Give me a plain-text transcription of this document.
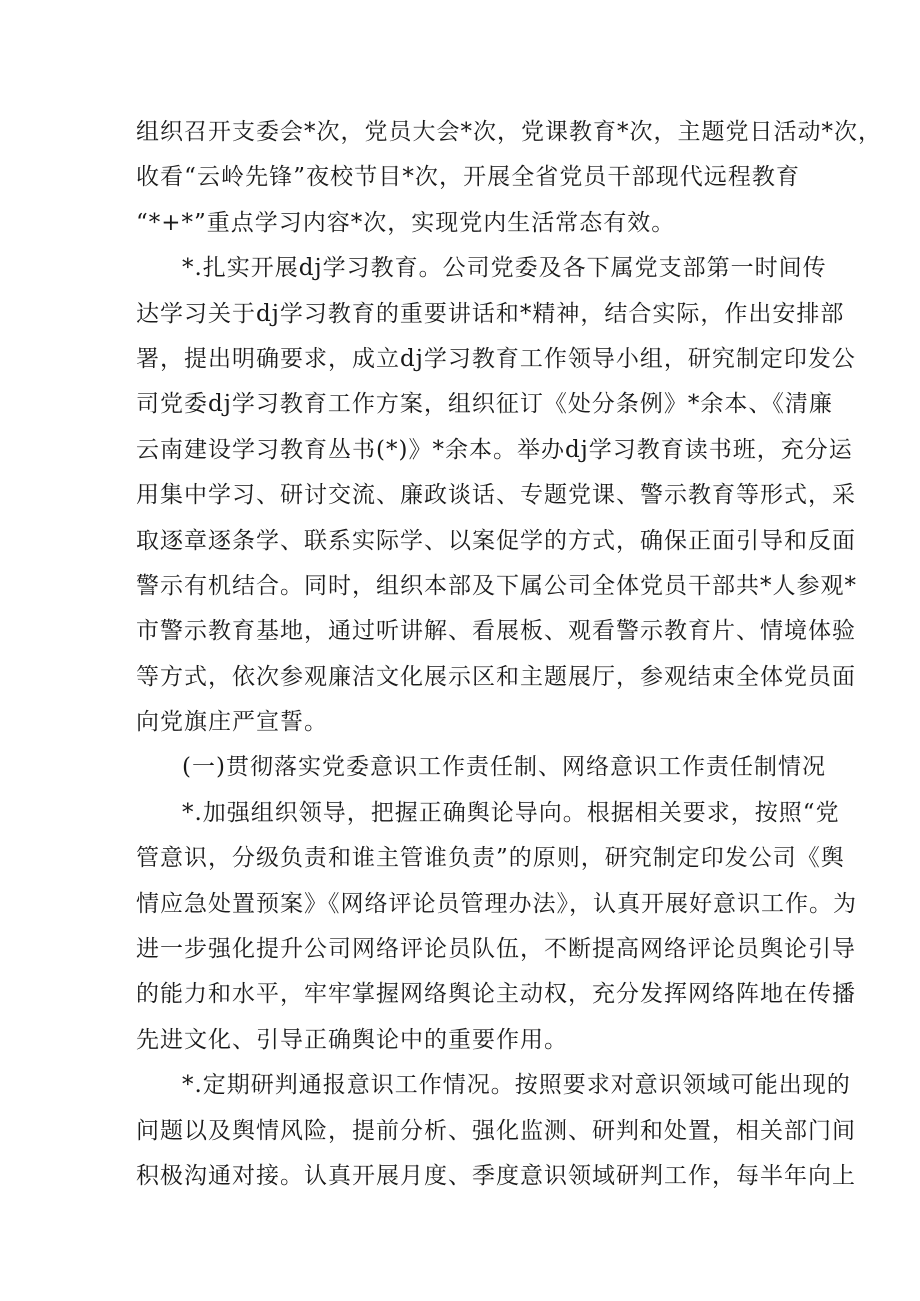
组织召开支委会*次，党员大会*次，党课教育*次，主题党日活动*次，
收看“云岭先锋”夜校节目*次，开展全省党员干部现代远程教育
“*+*”重点学习内容*次，实现党内生活常态有效。
*.扎实开展dj学习教育。公司党委及各下属党支部第一时间传
达学习关于dj学习教育的重要讲话和*精神，结合实际，作出安排部
署，提出明确要求，成立dj学习教育工作领导小组，研究制定印发公
司党委dj学习教育工作方案，组织征订《处分条例》*余本、《清廉
云南建设学习教育丛书(*)》*余本。举办dj学习教育读书班，充分运
用集中学习、研讨交流、廉政谈话、专题党课、警示教育等形式，采
取逐章逐条学、联系实际学、以案促学的方式，确保正面引导和反面
警示有机结合。同时，组织本部及下属公司全体党员干部共*人参观*
市警示教育基地，通过听讲解、看展板、观看警示教育片、情境体验
等方式，依次参观廉洁文化展示区和主题展厅，参观结束全体党员面
向党旗庄严宣誓。
(一)贯彻落实党委意识工作责任制、网络意识工作责任制情况
*.加强组织领导，把握正确舆论导向。根据相关要求，按照“党
管意识，分级负责和谁主管谁负责”的原则，研究制定印发公司《舆
情应急处置预案》《网络评论员管理办法》，认真开展好意识工作。为
进一步强化提升公司网络评论员队伍，不断提高网络评论员舆论引导
的能力和水平，牢牢掌握网络舆论主动权，充分发挥网络阵地在传播
先进文化、引导正确舆论中的重要作用。
*.定期研判通报意识工作情况。按照要求对意识领域可能出现的
问题以及舆情风险，提前分析、强化监测、研判和处置，相关部门间
积极沟通对接。认真开展月度、季度意识领域研判工作，每半年向上
